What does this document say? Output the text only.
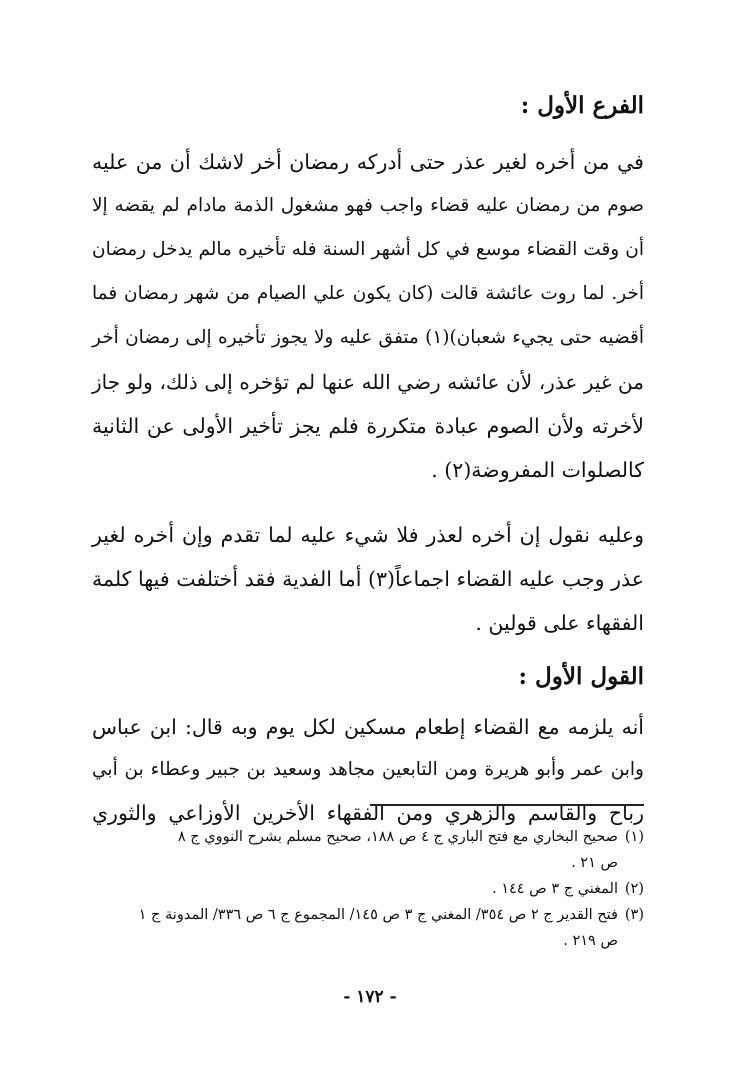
الفرع الأول :
في من أخره لغير عذر حتى أدركه رمضان أخر لاشك أن من عليه
صوم من رمضان عليه قضاء واجب فهو مشغول الذمة مادام لم يقضه إلا
أن وقت القضاء موسع في كل أشهر السنة فله تأخيره مالم يدخل رمضان
أخر. لما روت عائشة قالت (كان يكون علي الصيام من شهر رمضان فما
أقضيه حتى يجيء شعبان)(١) متفق عليه ولا يجوز تأخيره إلى رمضان أخر
من غير عذر، لأن عائشه رضي الله عنها لم تؤخره إلى ذلك، ولو جاز
لأخرته ولأن الصوم عبادة متكررة فلم يجز تأخير الأولى عن الثانية
كالصلوات المفروضة(٢) .
وعليه نقول إن أخره لعذر فلا شيء عليه لما تقدم وإن أخره لغير
عذر وجب عليه القضاء اجماعاً(٣) أما الفدية فقد أختلفت فيها كلمة
الفقهاء على قولين .
القول الأول :
أنه يلزمه مع القضاء إطعام مسكين لكل يوم وبه قال: ابن عباس
وابن عمر وأبو هريرة ومن التابعين مجاهد وسعيد بن جبير وعطاء بن أبي
رباح والقاسم والزهري ومن الفقهاء الأخرين الأوزاعي والثوري
(١)صحيح البخاري مع فتح الباري ج ٤ ص ١٨٨، صحيح مسلم بشرح النووي ج ٨
ص ٢١ .
(٢)المغني ج ٣ ص ١٤٤ .
(٣)فتح القدير ج ٢ ص ٣٥٤/ المغني ج ٣ ص ١٤٥/ المجموع ج ٦ ص ٣٣٦/ المدونة ج ١
ص ٢١٩ .
- ١٧٢ -
